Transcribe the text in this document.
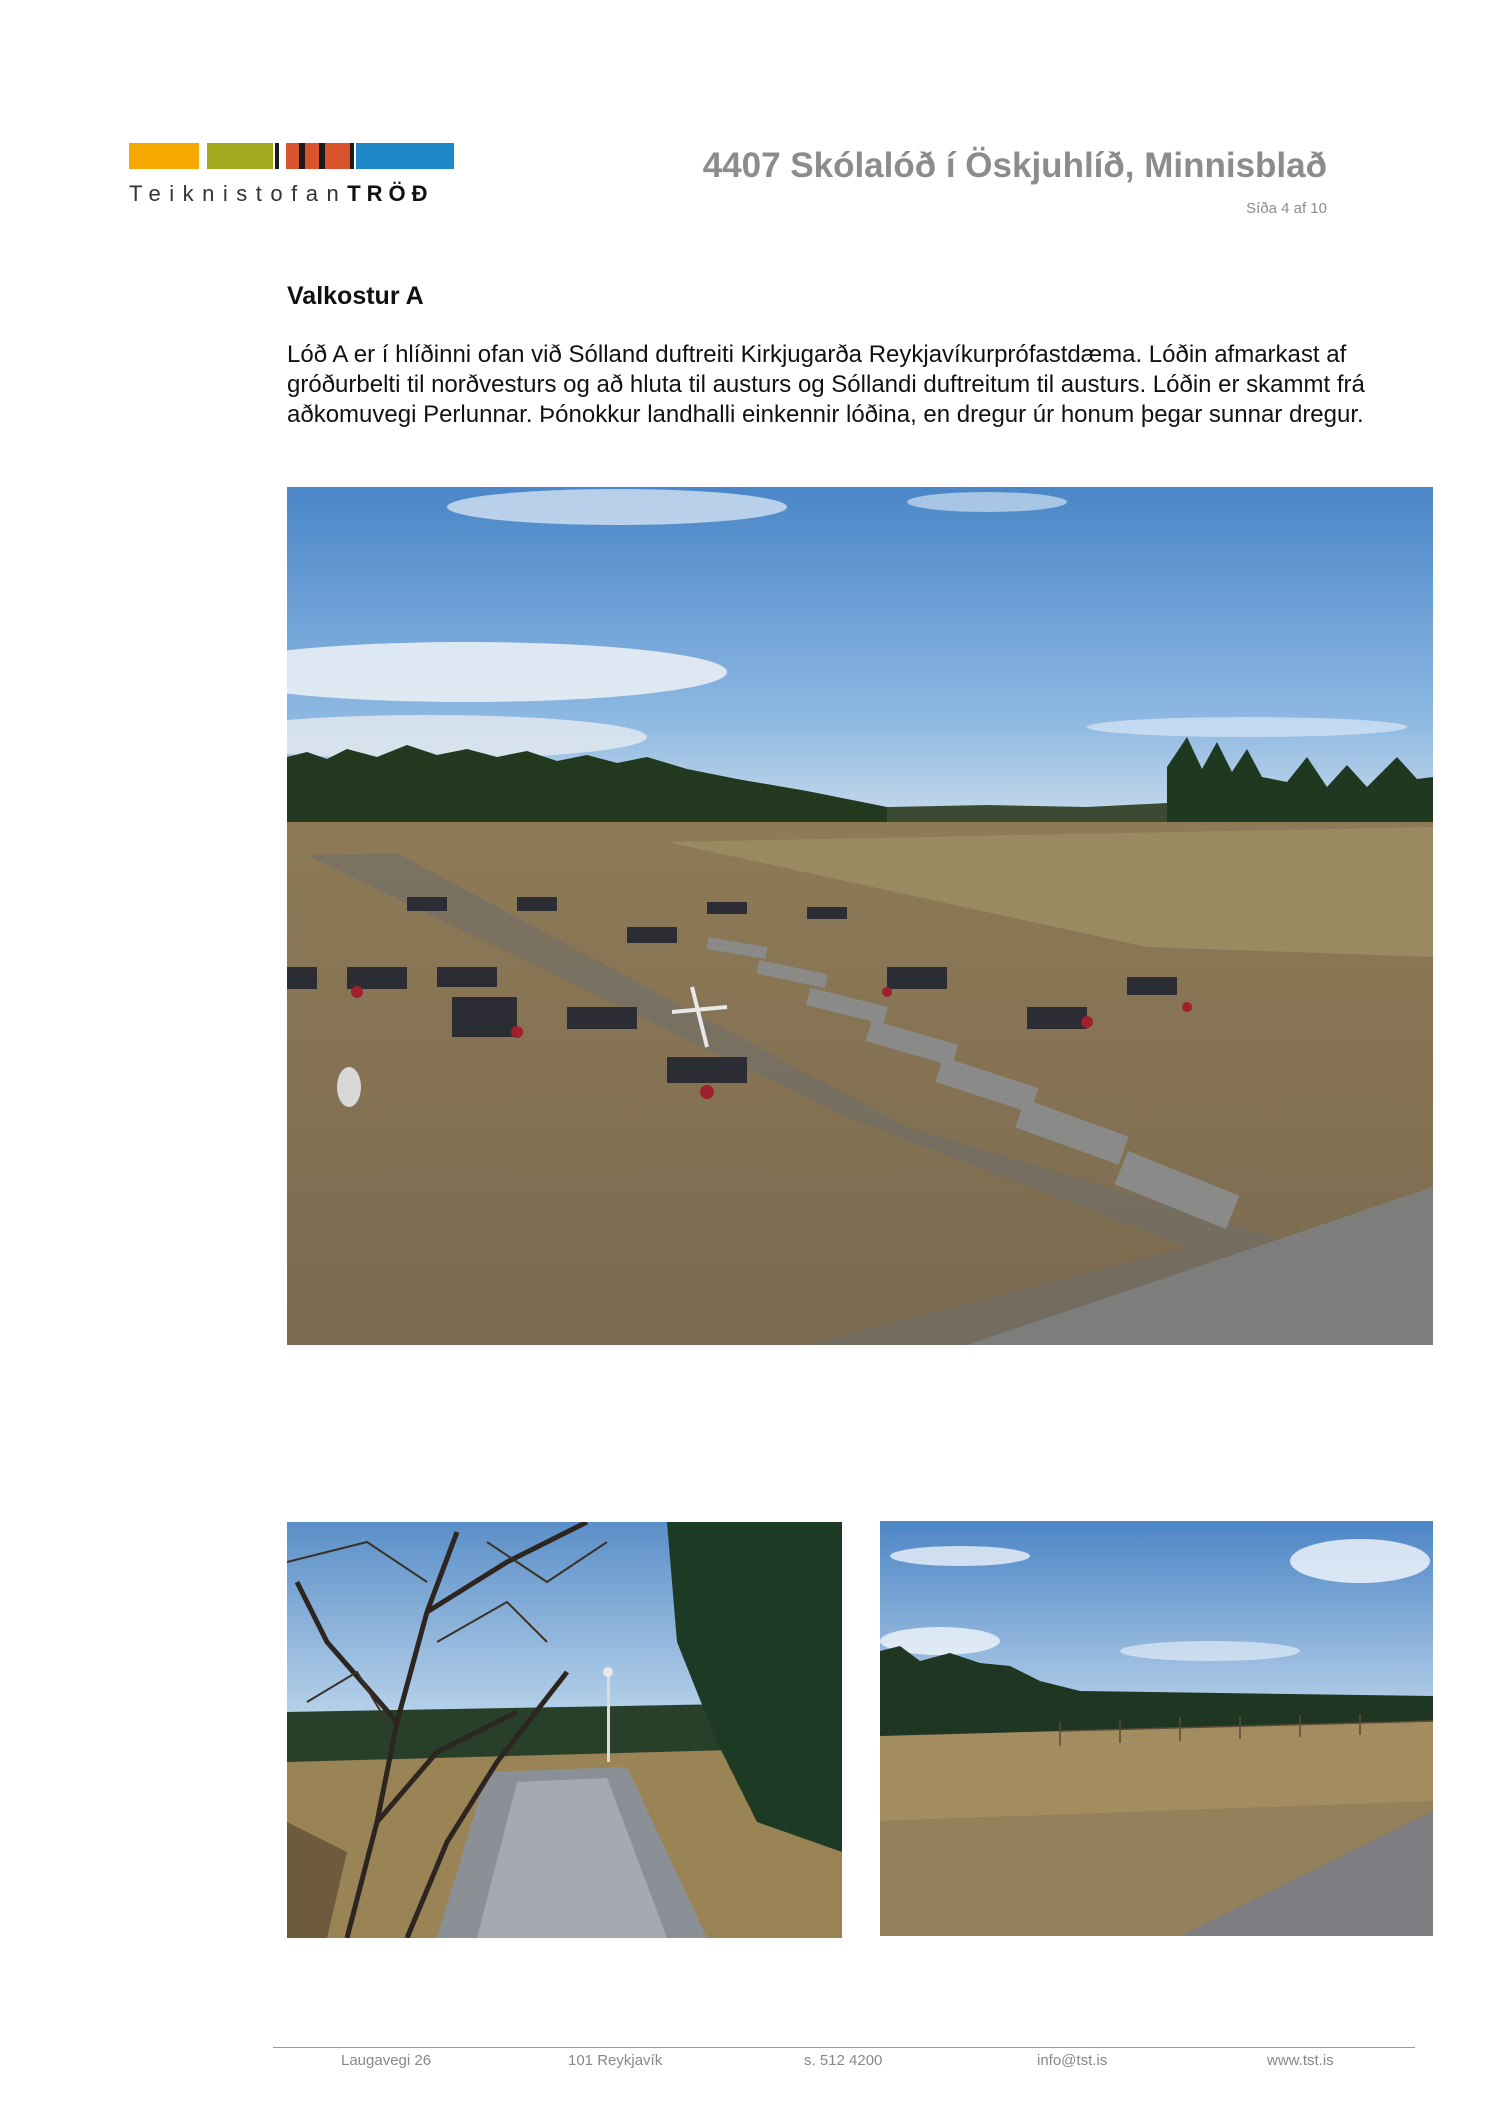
TeiknistofanTRÖÐ
4407 Skólalóð í Öskjuhlíð, Minnisblað
Síða 4 af 10
Valkostur A
Lóð A er í hlíðinni ofan við Sólland duftreiti Kirkjugarða Reykjavíkurprófastdæma. Lóðin afmarkast af gróðurbelti til norðvesturs og að hluta til austurs og Sóllandi duftreitum til austurs. Lóðin er skammt frá aðkomuvegi Perlunnar. Þónokkur landhalli einkennir lóðina, en dregur úr honum þegar sunnar dregur.
Laugavegi 26	101 Reykjavík	s. 512 4200	info@tst.is	www.tst.is
